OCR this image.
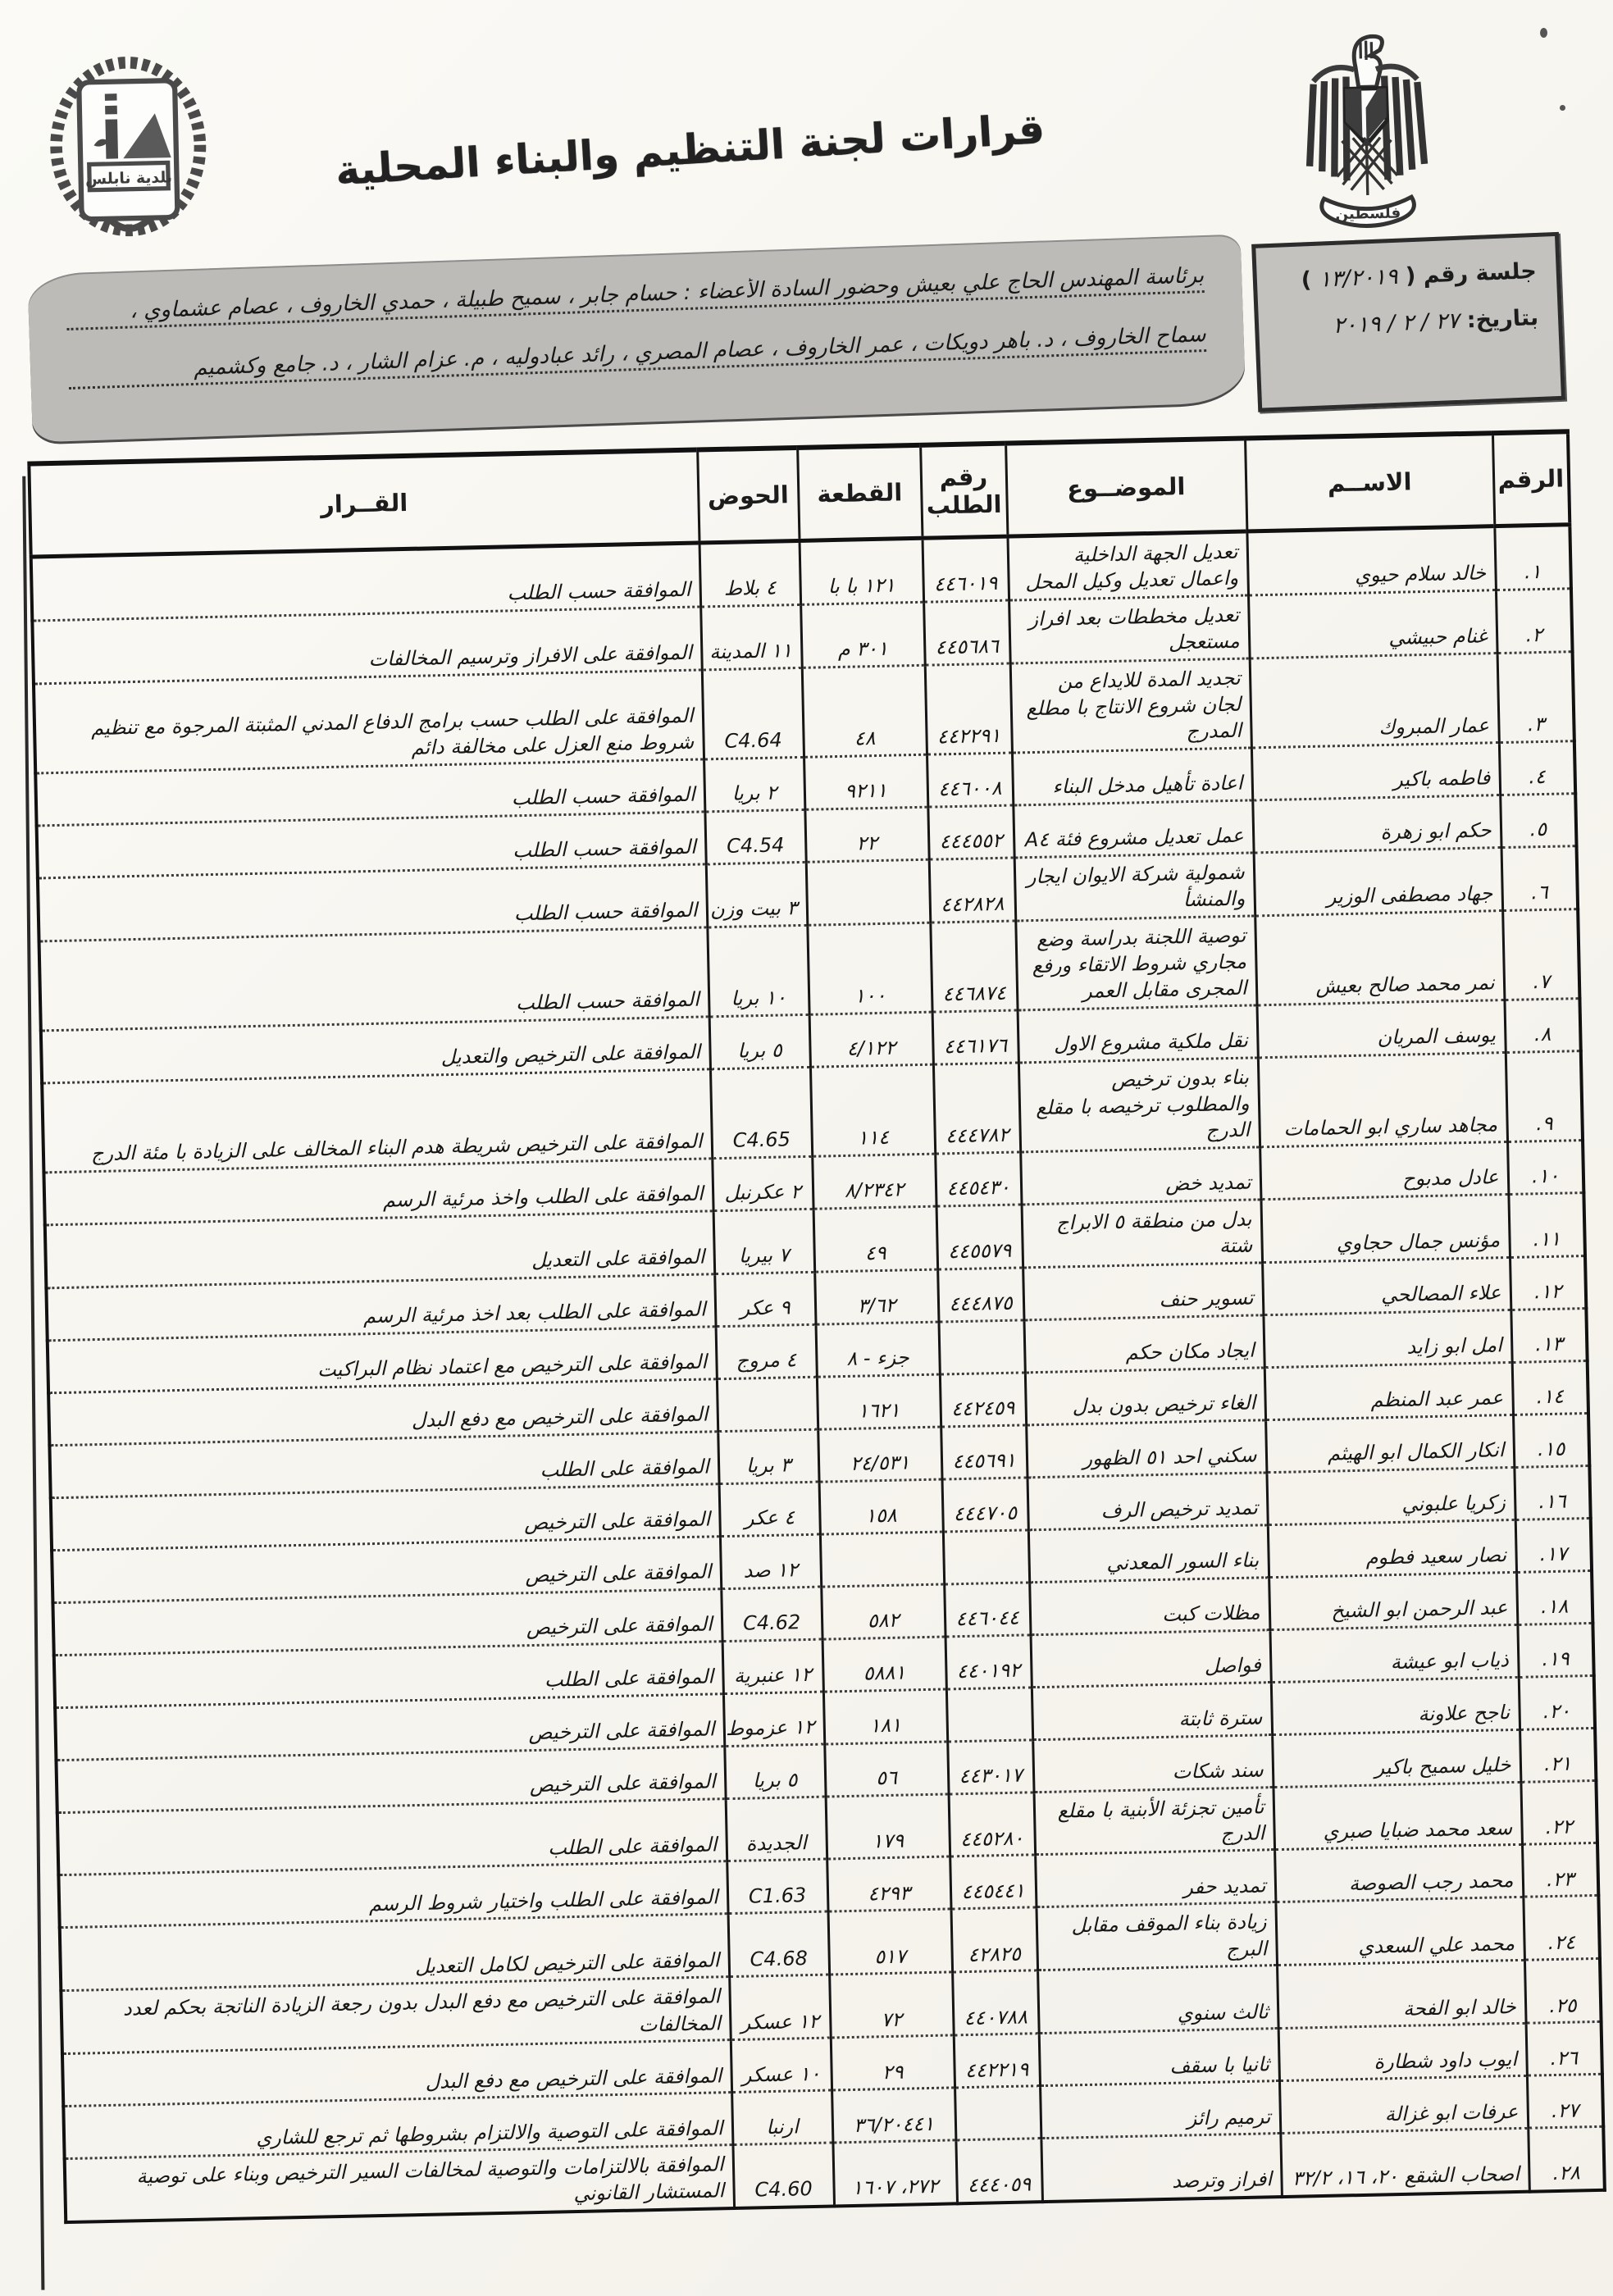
بلدية نابلس	قرارات لجنة التنظيم والبناء المحلية
فلسطين
جلسة رقم ( ١٣/٢٠١٩ )
بتاريخ: ٢٧ / ٢ / ٢٠١٩
برئاسة المهندس الحاج علي بعيش وحضور السادة الأعضاء : حسام جابر ، سميح طبيلة ، حمدي الخاروف ، عصام عشماوي ،
سماح الخاروف ، د. باهر دويكات ، عمر الخاروف ، عصام المصري ، رائد عبادوليه ، م. عزام الشار ، د. جامع وكشميم
الرقم	الاســم	الموضــوع	رقم الطلب	القطعة	الحوض	القــرار
١.	خالد سلام حيوي	تعديل الجهة الداخلية واعمال تعديل وكيل المحل	٤٤٦٠١٩	١٢١ با با	٤ بلاط	الموافقة حسب الطلب
٢.	غنام حبيشي	تعديل مخططات بعد افراز مستعجل	٤٤٥٦٨٦	٣٠١ م	١١ المدينة	الموافقة على الافراز وترسيم المخالفات
٣.	عمار المبروك	تجديد المدة للايداع من لجان شروع الانتاج با مطلع المدرج	٤٤٢٢٩١	٤٨	C4.64	الموافقة على الطلب حسب برامج الدفاع المدني المثبتة المرجوة مع تنظيم شروط منع العزل على مخالفة دائم
٤.	فاطمه باكير	اعادة تأهيل مدخل البناء	٤٤٦٠٠٨	٩٢١١	٢ بريا	الموافقة حسب الطلب
٥.	حكم ابو زهرة	عمل تعديل مشروع فئة A٤	٤٤٤٥٥٢	٢٢	C4.54	الموافقة حسب الطلب
٦.	جهاد مصطفى الوزير	شمولية شركة الايوان ايجار والمنشأ	٤٤٢٨٢٨		٣ بيت وزن	الموافقة حسب الطلب
٧.	نمر محمد صالح بعيش	توصية اللجنة بدراسة وضع مجاري شروط الاتقاء ورفع المجرى مقابل العمر	٤٤٦٨٧٤	١٠٠	١٠ بريا	الموافقة حسب الطلب
٨.	يوسف المريان	نقل ملكية مشروع الاول	٤٤٦١٧٦	٤/١٢٢	٥ بريا	الموافقة على الترخيص والتعديل
٩.	مجاهد ساري ابو الحمامات	بناء بدون ترخيص والمطلوب ترخيصه با مقلع الدرج	٤٤٤٧٨٢	١١٤	C4.65	الموافقة على الترخيص شريطة هدم البناء المخالف على الزيادة با مئة الدرج
١٠.	عادل مدبوح	تمديد خض	٤٤٥٤٣٠	٨/٢٣٤٢	٢ عكرنبل	الموافقة على الطلب واخذ مرئية الرسم
١١.	مؤنس جمال حجاوي	بدل من منطقة ٥ الابراج شتة	٤٤٥٥٧٩	٤٩	٧ بيريا	الموافقة على التعديل
١٢.	علاء المصالحي	تسوير حنف	٤٤٤٨٧٥	٣/٦٢	٩ عكر	الموافقة على الطلب بعد اخذ مرئية الرسم
١٣.	امل ابو زايد	ايجاد مكان حكم		جزء - ٨	٤ مروج	الموافقة على الترخيص مع اعتماد نظام البراكيت
١٤.	عمر عبد المنظم	الغاء ترخيص بدون بدل	٤٤٢٤٥٩	١٦٢١		الموافقة على الترخيص مع دفع البدل
١٥.	انكار الكمال ابو الهيثم	سكني احد ٥١ الظهور	٤٤٥٦٩١	٢٤/٥٣١	٣ بريا	الموافقة على الطلب
١٦.	زكريا علبوني	تمديد ترخيص الرف	٤٤٤٧٠٥	١٥٨	٤ عكر	الموافقة على الترخيص
١٧.	نصار سعيد فطوم	بناء السور المعدني			١٢ صد	الموافقة على الترخيص
١٨.	عبد الرحمن ابو الشيخ	مظلات كبت	٤٤٦٠٤٤	٥٨٢	C4.62	الموافقة على الترخيص
١٩.	ذياب ابو عيشة	فواصل	٤٤٠١٩٢	٥٨٨١	١٢ عنبرية	الموافقة على الطلب
٢٠.	ناجح علاونة	سترة ثابتة		١٨١	١٢ عزموط	الموافقة على الترخيص
٢١.	خليل سميح باكير	سند شكات	٤٤٣٠١٧	٥٦	٥ بريا	الموافقة على الترخيص
٢٢.	سعد محمد ضبايا صبري	تأمين تجزئة الأبنية با مقلع الدرج	٤٤٥٢٨٠	١٧٩	الجديدة	الموافقة على الطلب
٢٣.	محمد رجب الصوصة	تمديد حفر	٤٤٥٤٤١	٤٢٩٣	C1.63	الموافقة على الطلب واختيار شروط الرسم
٢٤.	محمد علي السعدي	زيادة بناء الموقف مقابل البرج	٤٢٨٢٥	٥١٧	C4.68	الموافقة على الترخيص لكامل التعديل
٢٥.	خالد ابو الفحة	ثالث سنوي	٤٤٠٧٨٨	٧٢	١٢ عسكر	الموافقة على الترخيص مع دفع البدل بدون رجعة الزيادة الناتجة بحكم لعدد المخالفات
٢٦.	ايوب داود شطارة	ثانيا با سقف	٤٤٢٢١٩	٢٩	١٠ عسكر	الموافقة على الترخيص مع دفع البدل
٢٧.	عرفات ابو غزالة	ترميم رائز		٣٦/٢٠٤٤١	ارنبا	الموافقة على التوصية والالتزام بشروطها ثم ترجع للشاري
٢٨.	اصحاب الشقع ٢٠، ١٦، ٣٢/٢	افراز وترصد	٤٤٤٠٥٩	٢٧٢، ١٦٠٧	C4.60	الموافقة بالالتزامات والتوصية لمخالفات السير الترخيص وبناء على توصية المستشار القانوني
